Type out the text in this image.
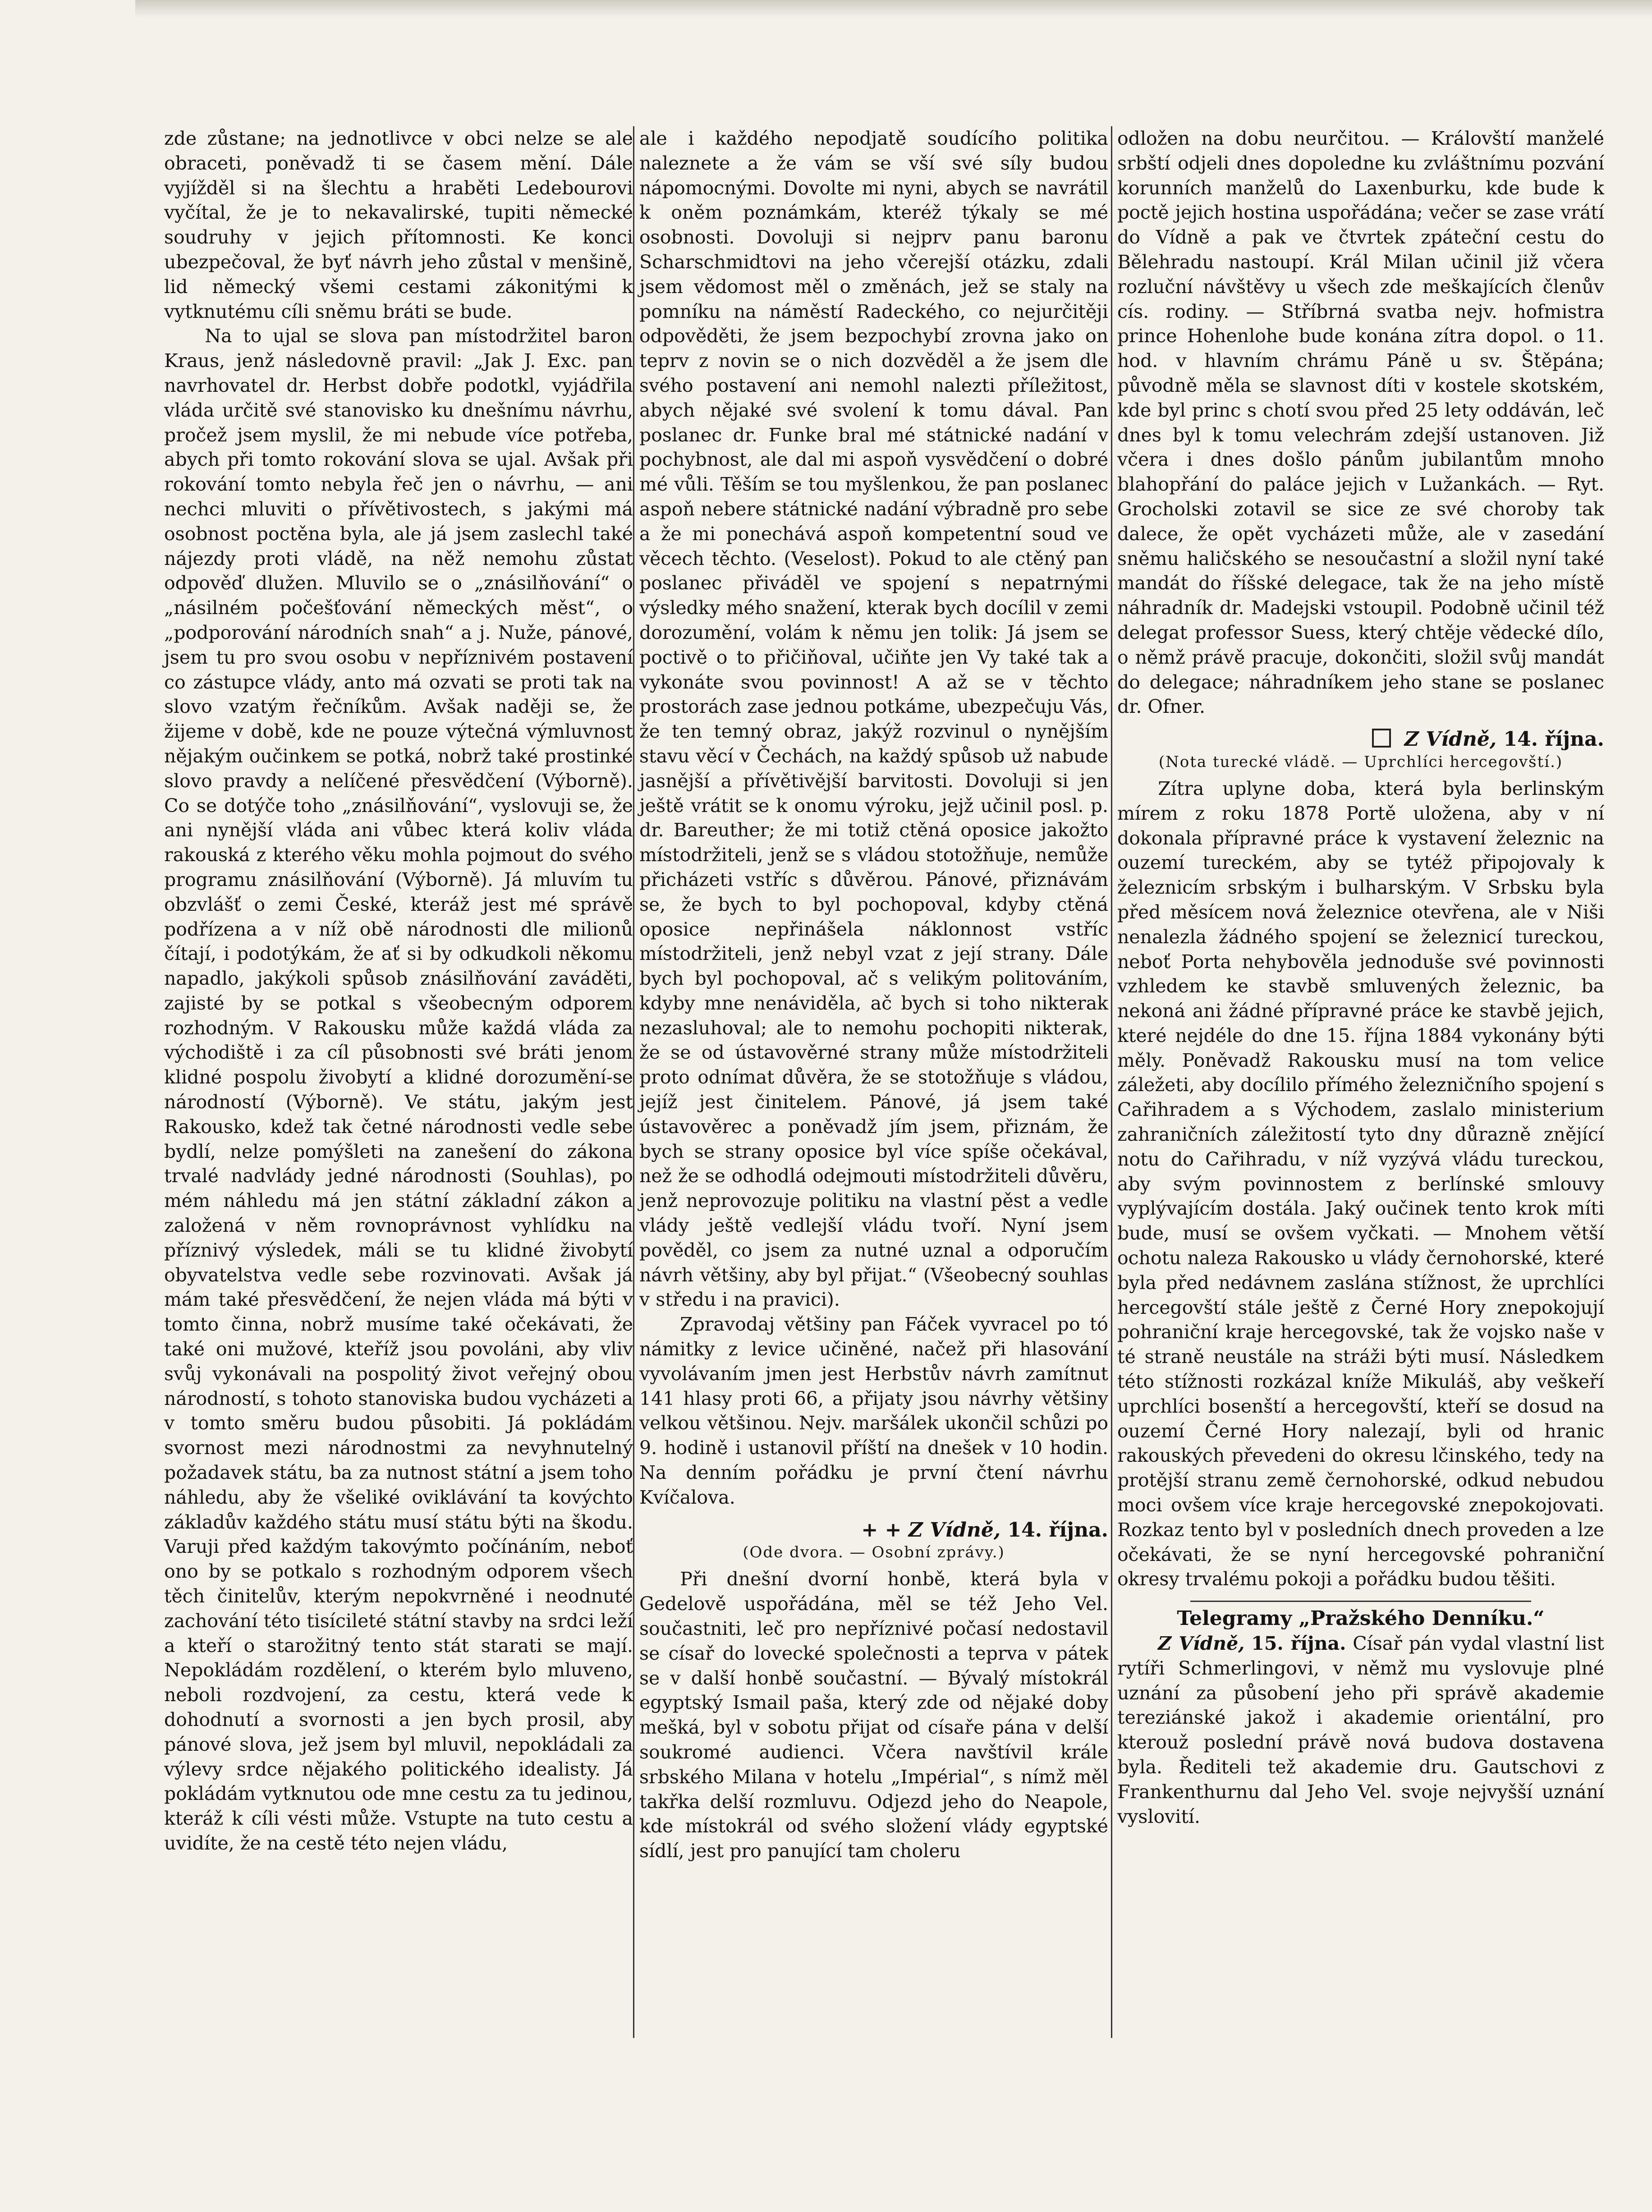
zde zůstane; na jednotlivce v obci nelze se ale obraceti, poněvadž ti se časem mění. Dále vyjížděl si na šlechtu a hraběti Ledebourovi vyčítal, že je to nekavalirské, tupiti německé soudruhy v jejich přítomnosti. Ke konci ubezpečoval, že byť návrh jeho zůstal v menšině, lid německý všemi cestami zákonitými k vytknutému cíli sněmu bráti se bude.

Na to ujal se slova pan místodržitel baron Kraus, jenž následovně pravil: „Jak J. Exc. pan navrhovatel dr. Herbst dobře podotkl, vyjádřila vláda určitě své stanovisko ku dnešnímu návrhu, pročež jsem myslil, že mi nebude více potřeba, abych při tomto rokování slova se ujal. Avšak při rokování tomto nebyla řeč jen o návrhu, — ani nechci mluviti o přívětivostech, s jakými má osobnost poctěna byla, ale já jsem zaslechl také nájezdy proti vládě, na něž nemohu zůstat odpověď dlužen. Mluvilo se o „znásilňování“ o „násilném počešťování německých měst“, o „podporování národních snah“ a j. Nuže, pánové, jsem tu pro svou osobu v nepříznivém postavení co zástupce vlády, anto má ozvati se proti tak na slovo vzatým řečníkům. Avšak naději se, že žijeme v době, kde ne pouze výtečná výmluvnost nějakým oučinkem se potká, nobrž také prostinké slovo pravdy a nelíčené přesvědčení (Výborně). Co se dotýče toho „znásilňování“, vyslovuji se, že ani nynější vláda ani vůbec která koliv vláda rakouská z kterého věku mohla pojmout do svého programu znásilňování (Výborně). Já mluvím tu obzvlášť o zemi České, kteráž jest mé správě podřízena a v níž obě národnosti dle milionů čítají, i podotýkám, že ať si by odkudkoli někomu napadlo, jakýkoli spůsob znásilňování zaváděti, zajisté by se potkal s všeobecným odporem rozhodným. V Rakousku může každá vláda za východiště i za cíl působnosti své bráti jenom klidné pospolu živobytí a klidné dorozumění-se národností (Výborně). Ve státu, jakým jest Rakousko, kdež tak četné národnosti vedle sebe bydlí, nelze pomýšleti na zanešení do zákona trvalé nadvlády jedné národnosti (Souhlas), po mém náhledu má jen státní základní zákon a založená v něm rovnoprávnost vyhlídku na příznivý výsledek, máli se tu klidné živobytí obyvatelstva vedle sebe rozvinovati. Avšak já mám také přesvědčení, že nejen vláda má býti v tomto činna, nobrž musíme také očekávati, že také oni mužové, kteříž jsou povoláni, aby vliv svůj vykonávali na pospolitý život veřejný obou národností, s tohoto stanoviska budou vycházeti a v tomto směru budou působiti. Já pokládám svornost mezi národnostmi za nevyhnutelný požadavek státu, ba za nutnost státní a jsem toho náhledu, aby že všeliké oviklávání ta kovýchto základův každého státu musí státu býti na škodu. Varuji před každým takovýmto počínáním, neboť ono by se potkalo s rozhodným odporem všech těch činitelův, kterým nepokvrněné i neodnuté zachování této tisícileté státní stavby na srdci leží a kteří o starožitný tento stát starati se mají. Nepokládám rozdělení, o kterém bylo mluveno, neboli rozdvojení, za cestu, která vede k dohodnutí a svornosti a jen bych prosil, aby pánové slova, jež jsem byl mluvil, nepokládali za výlevy srdce nějakého politického idealisty. Já pokládám vytknutou ode mne cestu za tu jedinou, kteráž k cíli vésti může. Vstupte na tuto cestu a uvidíte, že na cestě této nejen vládu,

ale i každého nepodjatě soudícího politika naleznete a že vám se vší své síly budou nápomocnými. Dovolte mi nyni, abych se navrátil k oněm poznámkám, kteréž týkaly se mé osobnosti. Dovoluji si nejprv panu baronu Scharschmidtovi na jeho včerejší otázku, zdali jsem vědomost měl o změnách, jež se staly na pomníku na náměstí Radeckého, co nejurčitěji odpověděti, že jsem bezpochybí zrovna jako on teprv z novin se o nich dozvěděl a že jsem dle svého postavení ani nemohl nalezti příležitost, abych nějaké své svolení k tomu dával. Pan poslanec dr. Funke bral mé státnické nadání v pochybnost, ale dal mi aspoň vysvědčení o dobré mé vůli. Těším se tou myšlenkou, že pan poslanec aspoň nebere státnické nadání výbradně pro sebe a že mi ponechává aspoň kompetentní soud ve věcech těchto. (Veselost). Pokud to ale ctěný pan poslanec přiváděl ve spojení s nepatrnými výsledky mého snažení, kterak bych docílil v zemi dorozumění, volám k němu jen tolik: Já jsem se poctivě o to přičiňoval, učiňte jen Vy také tak a vykonáte svou povinnost! A až se v těchto prostorách zase jednou potkáme, ubezpečuju Vás, že ten temný obraz, jakýž rozvinul o nynějším stavu věcí v Čechách, na každý spůsob už nabude jasnější a přívětivější barvitosti. Dovoluji si jen ještě vrátit se k onomu výroku, jejž učinil posl. p. dr. Bareuther; že mi totiž ctěná oposice jakožto místodržiteli, jenž se s vládou stotožňuje, nemůže přicházeti vstříc s důvěrou. Pánové, přiznávám se, že bych to byl pochopoval, kdyby ctěná oposice nepřinášela náklonnost vstříc místodržiteli, jenž nebyl vzat z její strany. Dále bych byl pochopoval, ač s velikým politováním, kdyby mne nenáviděla, ač bych si toho nikterak nezasluhoval; ale to nemohu pochopiti nikterak, že se od ústavověrné strany může místodržiteli proto odnímat důvěra, že se stotožňuje s vládou, jejíž jest činitelem. Pánové, já jsem také ústavověrec a poněvadž jím jsem, přiznám, že bych se strany oposice byl více spíše očekával, než že se odhodlá odejmouti místodržiteli důvěru, jenž neprovozuje politiku na vlastní pěst a vedle vlády ještě vedlejší vládu tvoří. Nyní jsem pověděl, co jsem za nutné uznal a odporučím návrh většiny, aby byl přijat.“ (Všeobecný souhlas v středu i na pravici).

Zpravodaj většiny pan Fáček vyvracel po tó námitky z levice učiněné, načež při hlasování vyvolávaním jmen jest Herbstův návrh zamítnut 141 hlasy proti 66, a přijaty jsou návrhy většiny velkou většinou. Nejv. maršálek ukončil schůzi po 9. hodině i ustanovil příští na dnešek v 10 hodin. Na denním pořádku je první čtení návrhu Kvíčalova.

+ + Z Vídně, 14. října.
(Ode dvora. — Osobní zprávy.)

Při dnešní dvorní honbě, která byla v Gedelově uspořádána, měl se též Jeho Vel. součastniti, leč pro nepříznivé počasí nedostavil se císař do lovecké společnosti a teprva v pátek se v další honbě součastní. — Bývalý místokrál egyptský Ismail paša, který zde od nějaké doby mešká, byl v sobotu přijat od císaře pána v delší soukromé audienci. Včera navštívil krále srbského Milana v hotelu „Impérial“, s nímž měl takřka delší rozmluvu. Odjezd jeho do Neapole, kde místokrál od svého složení vlády egyptské sídlí, jest pro panující tam choleru

odložen na dobu neurčitou. — Královští manželé srbští odjeli dnes dopoledne ku zvláštnímu pozvání korunních manželů do Laxenburku, kde bude k poctě jejich hostina uspořádána; večer se zase vrátí do Vídně a pak ve čtvrtek zpáteční cestu do Bělehradu nastoupí. Král Milan učinil již včera rozluční návštěvy u všech zde meškajících členův cís. rodiny. — Stříbrná svatba nejv. hofmistra prince Hohenlohe bude konána zítra dopol. o 11. hod. v hlavním chrámu Páně u sv. Štěpána; původně měla se slavnost díti v kostele skotském, kde byl princ s chotí svou před 25 lety oddáván, leč dnes byl k tomu velechrám zdejší ustanoven. Již včera i dnes došlo pánům jubilantům mnoho blahopřání do paláce jejich v Lužankách. — Ryt. Grocholski zotavil se sice ze své choroby tak dalece, že opět vycházeti může, ale v zasedání sněmu haličského se nesoučastní a složil nyní také mandát do říšské delegace, tak že na jeho místě náhradník dr. Madejski vstoupil. Podobně učinil též delegat professor Suess, který chtěje vědecké dílo, o němž právě pracuje, dokončiti, složil svůj mandát do delegace; náhradníkem jeho stane se poslanec dr. Ofner.

Z Vídně, 14. října.
(Nota turecké vládě. — Uprchlíci hercegovští.)

Zítra uplyne doba, která byla berlinským mírem z roku 1878 Portě uložena, aby v ní dokonala přípravné práce k vystavení železnic na ouzemí tureckém, aby se tytéž připojovaly k železnicím srbským i bulharským. V Srbsku byla před měsícem nová železnice otevřena, ale v Niši nenalezla žádného spojení se železnicí tureckou, neboť Porta nehybověla jednoduše své povinnosti vzhledem ke stavbě smluvených železnic, ba nekoná ani žádné přípravné práce ke stavbě jejich, které nejdéle do dne 15. října 1884 vykonány býti měly. Poněvadž Rakousku musí na tom velice záležeti, aby docílilo přímého železničního spojení s Cařihradem a s Východem, zaslalo ministerium zahraničních záležitostí tyto dny důrazně znějící notu do Cařihradu, v níž vyzývá vládu tureckou, aby svým povinnostem z berlínské smlouvy vyplývajícím dostála. Jaký oučinek tento krok míti bude, musí se ovšem vyčkati. — Mnohem větší ochotu naleza Rakousko u vlády černohorské, které byla před nedávnem zaslána stížnost, že uprchlíci hercegovští stále ještě z Černé Hory znepokojují pohraniční kraje hercegovské, tak že vojsko naše v té straně neustále na stráži býti musí. Následkem této stížnosti rozkázal kníže Mikuláš, aby veškeří uprchlíci bosenští a hercegovští, kteří se dosud na ouzemí Černé Hory nalezají, byli od hranic rakouských převedeni do okresu lčinského, tedy na protější stranu země černohorské, odkud nebudou moci ovšem více kraje hercegovské znepokojovati. Rozkaz tento byl v posledních dnech proveden a lze očekávati, že se nyní hercegovské pohraniční okresy trvalému pokoji a pořádku budou těšiti.

Telegramy „Pražského Denníku.“

Z Vídně, 15. října. Císař pán vydal vlastní list rytíři Schmerlingovi, v němž mu vyslovuje plné uznání za působení jeho při správě akademie tereziánské jakož i akademie orientální, pro kterouž poslední právě nová budova dostavena byla. Řediteli tež akademie dru. Gautschovi z Frankenthurnu dal Jeho Vel. svoje nejvyšší uznání vyslovití.
